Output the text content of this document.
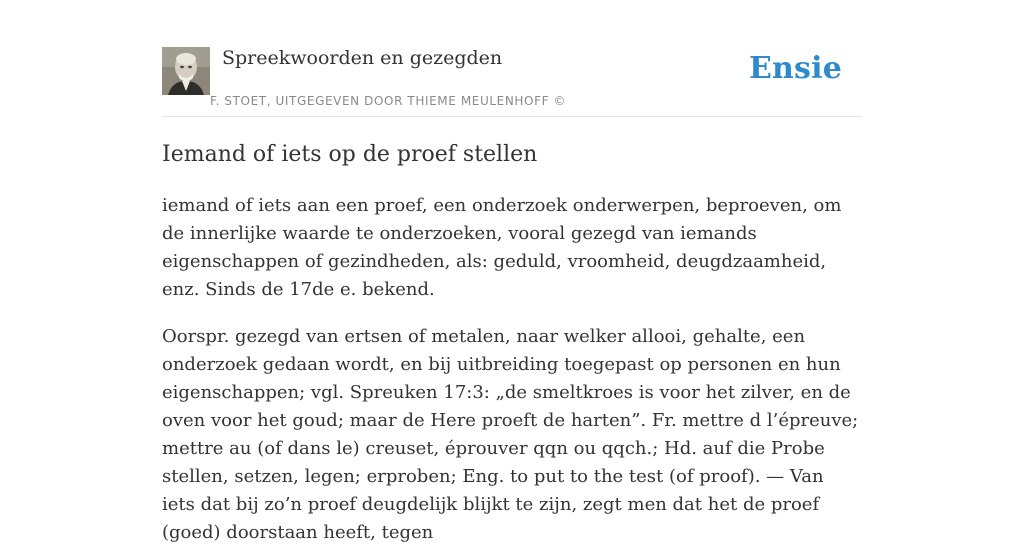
Spreekwoorden en gezegden
F. STOET, UITGEGEVEN DOOR THIEME MEULENHOFF ©
Ensie
Iemand of iets op de proef stellen

iemand of iets aan een proef, een onderzoek onderwerpen, beproeven, om de innerlijke waarde te onderzoeken, vooral gezegd van iemands eigenschappen of gezindheden, als: geduld, vroomheid, deugdzaamheid, enz. Sinds de 17de e. bekend.

Oorspr. gezegd van ertsen of metalen, naar welker allooi, gehalte, een onderzoek gedaan wordt, en bij uitbreiding toegepast op personen en hun eigenschappen; vgl. Spreuken 17:3: „de smeltkroes is voor het zilver, en de oven voor het goud; maar de Here proeft de harten”. Fr. mettre d l’épreuve; mettre au (of dans le) creuset, éprouver qqn ou qqch.; Hd. auf die Probe stellen, setzen, legen; erproben; Eng. to put to the test (of proof). — Van iets dat bij zo’n proef deugdelijk blijkt te zijn, zegt men dat het de proef (goed) doorstaan heeft, tegen
